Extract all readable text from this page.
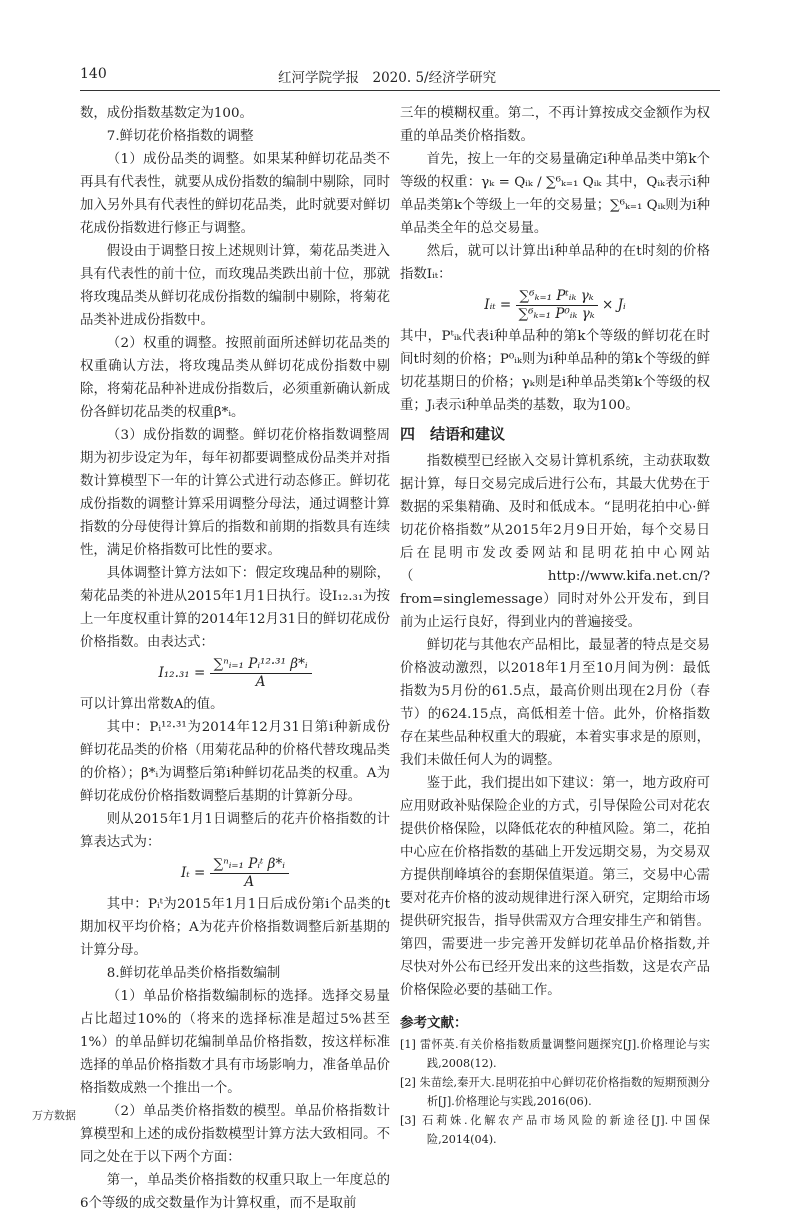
140	红河学院学报　2020. 5/经济学研究

数，成份指数基数定为100。

7.鲜切花价格指数的调整

（1）成份品类的调整。如果某种鲜切花品类不再具有代表性，就要从成份指数的编制中剔除，同时加入另外具有代表性的鲜切花品类，此时就要对鲜切花成份指数进行修正与调整。

假设由于调整日按上述规则计算，菊花品类进入具有代表性的前十位，而玫瑰品类跌出前十位，那就将玫瑰品类从鲜切花成份指数的编制中剔除，将菊花品类补进成份指数中。

（2）权重的调整。按照前面所述鲜切花品类的权重确认方法，将玫瑰品类从鲜切花成份指数中剔除，将菊花品种补进成份指数后，必须重新确认新成份各鲜切花品类的权重β*ᵢ。

（3）成份指数的调整。鲜切花价格指数调整周期为初步设定为年，每年初都要调整成份品类并对指数计算模型下一年的计算公式进行动态修正。鲜切花成份指数的调整计算采用调整分母法，通过调整计算指数的分母使得计算后的指数和前期的指数具有连续性，满足价格指数可比性的要求。

具体调整计算方法如下：假定玫瑰品种的剔除，菊花品类的补进从2015年1月1日执行。设I₁₂.₃₁为按上一年度权重计算的2014年12月31日的鲜切花成份价格指数。由表达式：

$I_{12}._{31} = \frac{\text{∑ⁿᵢ₌₁ Pᵢ¹²·³¹ β*ᵢ}}{A}$

可以计算出常数A的值。

其中：Pᵢ¹²·³¹为2014年12月31日第i种新成份鲜切花品类的价格（用菊花品种的价格代替玫瑰品类的价格）；β*ᵢ为调整后第i种鲜切花品类的权重。A为鲜切花成份价格指数调整后基期的计算新分母。

则从2015年1月1日调整后的花卉价格指数的计算表达式为：

$I_t = \frac{\text{∑ⁿᵢ₌₁ Pᵢᵗ β*ᵢ}}{A}$

其中：Pᵢᵗ为2015年1月1日后成份第i个品类的t期加权平均价格；A为花卉价格指数调整后新基期的计算分母。

8.鲜切花单品类价格指数编制

（1）单品价格指数编制标的选择。选择交易量占比超过10%的（将来的选择标准是超过5%甚至1%）的单品鲜切花编制单品价格指数，按这样标准选择的单品价格指数才具有市场影响力，准备单品价格指数成熟一个推出一个。

（2）单品类价格指数的模型。单品价格指数计算模型和上述的成份指数模型计算方法大致相同。不同之处在于以下两个方面：

第一，单品类价格指数的权重只取上一年度总的6个等级的成交数量作为计算权重，而不是取前

三年的模糊权重。第二，不再计算按成交金额作为权重的单品类价格指数。

首先，按上一年的交易量确定i种单品类中第k个等级的权重：γₖ = Qᵢₖ / ∑⁶ₖ₌₁ Qᵢₖ 其中，Qᵢₖ表示i种单品类第k个等级上一年的交易量；∑⁶ₖ₌₁ Qᵢₖ则为i种单品类全年的总交易量。

然后，就可以计算出i种单品种的在t时刻的价格指数Iᵢₜ：

Iᵢₜ = $\frac{\text{∑⁶ₖ₌₁ Pᵗᵢₖ γₖ}}{\text{∑⁶ₖ₌₁ P⁰ᵢₖ γₖ}}$ × Jᵢ

其中，Pᵗᵢₖ代表i种单品种的第k个等级的鲜切花在时间t时刻的价格；P⁰ᵢₖ则为i种单品种的第k个等级的鲜切花基期日的价格；γₖ则是i种单品类第k个等级的权重；Jᵢ表示i种单品类的基数，取为100。

四　结语和建议

指数模型已经嵌入交易计算机系统，主动获取数据计算，每日交易完成后进行公布，其最大优势在于数据的采集精确、及时和低成本。“昆明花拍中心·鲜切花价格指数”从2015年2月9日开始，每个交易日后在昆明市发改委网站和昆明花拍中心网站（http://www.kifa.net.cn/?from=singlemessage）同时对外公开发布，到目前为止运行良好，得到业内的普遍接受。

鲜切花与其他农产品相比，最显著的特点是交易价格波动激烈，以2018年1月至10月间为例：最低指数为5月份的61.5点，最高价则出现在2月份（春节）的624.15点，高低相差十倍。此外，价格指数存在某些品种权重大的瑕疵，本着实事求是的原则，我们未做任何人为的调整。

鉴于此，我们提出如下建议：第一，地方政府可应用财政补贴保险企业的方式，引导保险公司对花农提供价格保险，以降低花农的种植风险。第二，花拍中心应在价格指数的基础上开发远期交易，为交易双方提供削峰填谷的套期保值渠道。第三，交易中心需要对花卉价格的波动规律进行深入研究，定期给市场提供研究报告，指导供需双方合理安排生产和销售。第四，需要进一步完善开发鲜切花单品价格指数,并尽快对外公布已经开发出来的这些指数，这是农产品价格保险必要的基础工作。

参考文献：

[1] 雷怀英.有关价格指数质量调整问题探究[J].价格理论与实践,2008(12).

[2] 朱苗绘,秦开大.昆明花拍中心鲜切花价格指数的短期预测分析[J].价格理论与实践,2016(06).

[3] 石莉姝.化解农产品市场风险的新途径[J].中国保险,2014(04).

万方数据
